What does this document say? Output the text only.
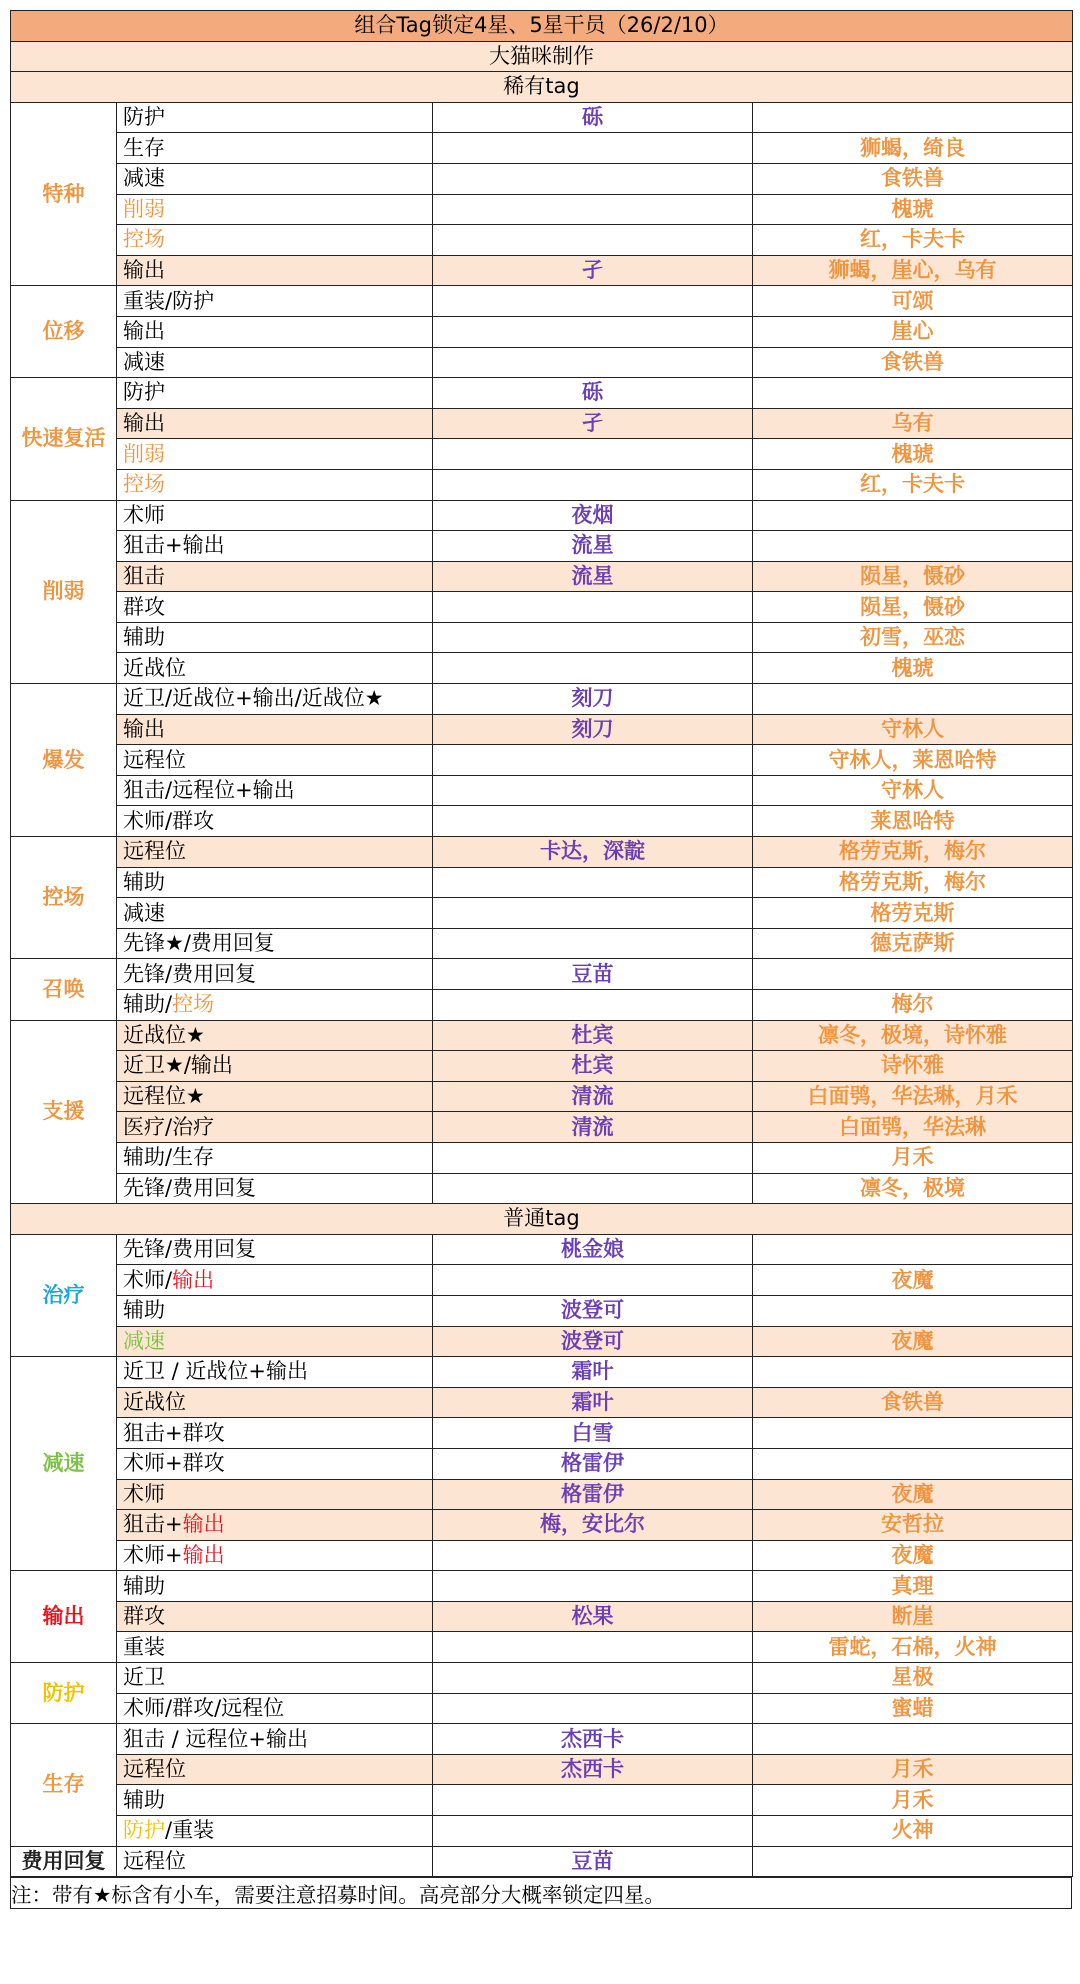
组合Tag锁定4星、5星干员（26/2/10）			
大猫咪制作			
稀有tag			
特种	防护	砾	
	生存		狮蝎，绮良
	减速		食铁兽
	削弱		槐琥
	控场		红，卡夫卡
	输出	孑	狮蝎，崖心，乌有
位移	重装/防护		可颂
	输出		崖心
	减速		食铁兽
快速复活	防护	砾	
	输出	孑	乌有
	削弱		槐琥
	控场		红，卡夫卡
削弱	术师	夜烟	
	狙击+输出	流星	
	狙击	流星	陨星，慑砂
	群攻		陨星，慑砂
	辅助		初雪，巫恋
	近战位		槐琥
爆发	近卫/近战位+输出/近战位★	刻刀	
	输出	刻刀	守林人
	远程位		守林人，莱恩哈特
	狙击/远程位+输出		守林人
	术师/群攻		莱恩哈特
控场	远程位	卡达，深靛	格劳克斯，梅尔
	辅助		格劳克斯，梅尔
	减速		格劳克斯
	先锋★/费用回复		德克萨斯
召唤	先锋/费用回复	豆苗	
	辅助/控场		梅尔
支援	近战位★	杜宾	凛冬，极境，诗怀雅
	近卫★/输出	杜宾	诗怀雅
	远程位★	清流	白面鸮，华法琳，月禾
	医疗/治疗	清流	白面鸮，华法琳
	辅助/生存		月禾
	先锋/费用回复		凛冬，极境
普通tag			
治疗	先锋/费用回复	桃金娘	
	术师/输出		夜魔
	辅助	波登可	
	减速	波登可	夜魔
减速	近卫 / 近战位+输出	霜叶	
	近战位	霜叶	食铁兽
	狙击+群攻	白雪	
	术师+群攻	格雷伊	
	术师	格雷伊	夜魔
	狙击+输出	梅，安比尔	安哲拉
	术师+输出		夜魔
输出	辅助		真理
	群攻	松果	断崖
	重装		雷蛇，石棉，火神
防护	近卫		星极
	术师/群攻/远程位		蜜蜡
生存	狙击 / 远程位+输出	杰西卡	
	远程位	杰西卡	月禾
	辅助		月禾
	防护/重装		火神
费用回复	远程位	豆苗	
注：带有★标含有小车，需要注意招募时间。高亮部分大概率锁定四星。
